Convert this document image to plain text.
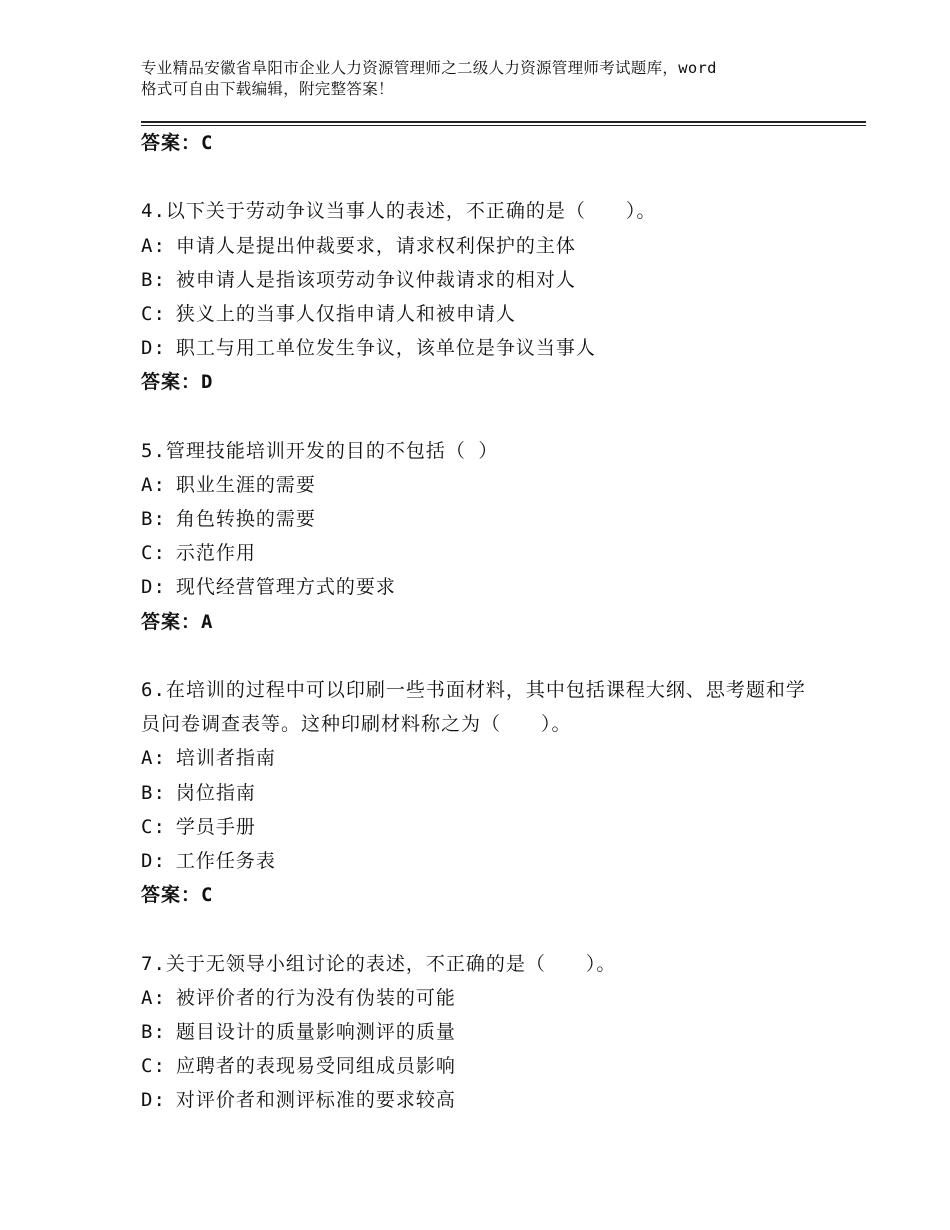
专业精品安徽省阜阳市企业人力资源管理师之二级人力资源管理师考试题库，word
格式可自由下载编辑，附完整答案！
答案：C
4.以下关于劳动争议当事人的表述，不正确的是（　　）。
A: 申请人是提出仲裁要求，请求权利保护的主体
B: 被申请人是指该项劳动争议仲裁请求的相对人
C: 狭义上的当事人仅指申请人和被申请人
D: 职工与用工单位发生争议，该单位是争议当事人
答案：D
5.管理技能培训开发的目的不包括（ ）
A: 职业生涯的需要
B: 角色转换的需要
C: 示范作用
D: 现代经营管理方式的要求
答案：A
6.在培训的过程中可以印刷一些书面材料，其中包括课程大纲、思考题和学员问卷调查表等。这种印刷材料称之为（　　）。
A: 培训者指南
B: 岗位指南
C: 学员手册
D: 工作任务表
答案：C
7.关于无领导小组讨论的表述，不正确的是（　　）。
A: 被评价者的行为没有伪装的可能
B: 题目设计的质量影响测评的质量
C: 应聘者的表现易受同组成员影响
D: 对评价者和测评标准的要求较高
